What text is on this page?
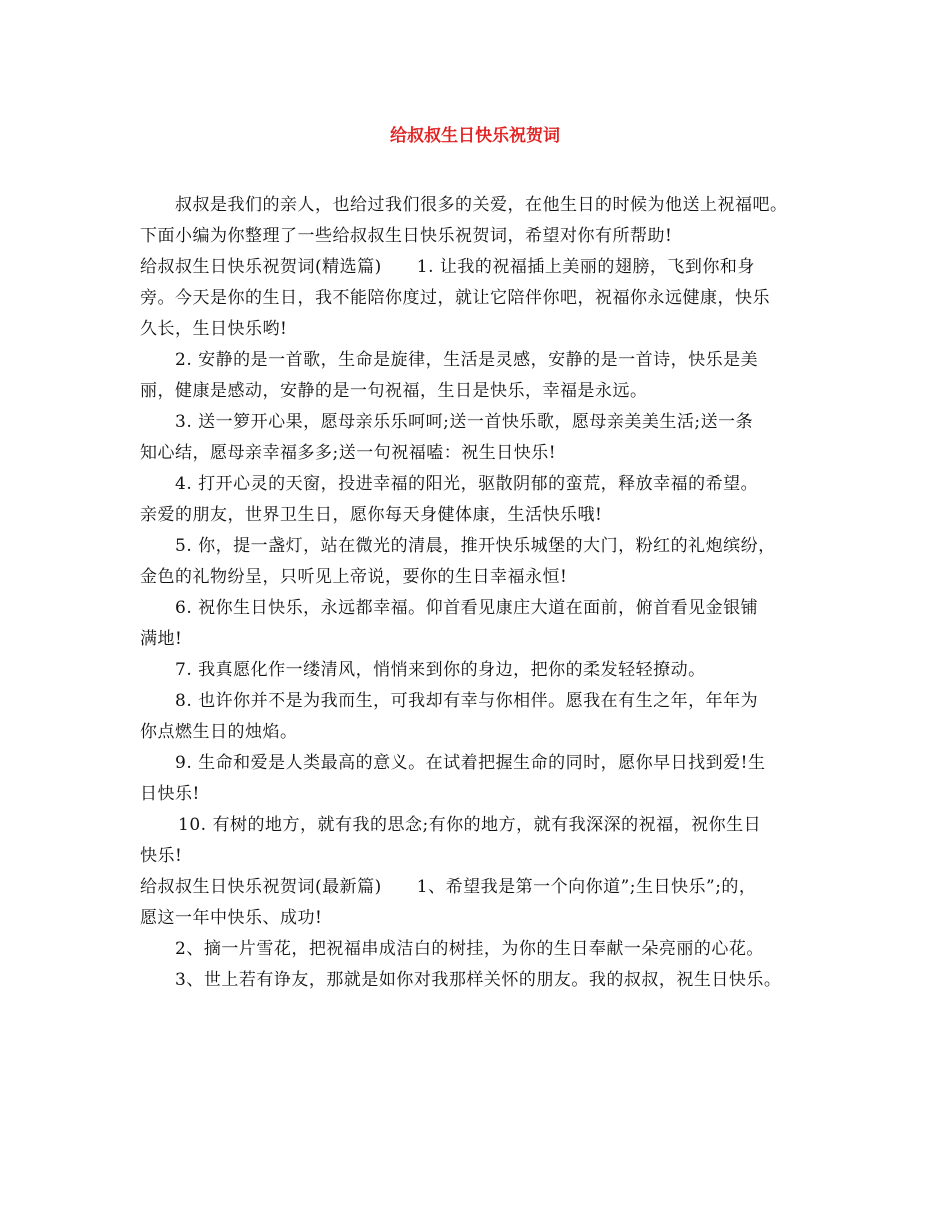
给叔叔生日快乐祝贺词

叔叔是我们的亲人，也给过我们很多的关爱，在他生日的时候为他送上祝福吧。

下面小编为你整理了一些给叔叔生日快乐祝贺词，希望对你有所帮助!

给叔叔生日快乐祝贺词(精选篇)　　1. 让我的祝福插上美丽的翅膀，飞到你和身

旁。今天是你的生日，我不能陪你度过，就让它陪伴你吧，祝福你永远健康，快乐

久长，生日快乐哟!

2. 安静的是一首歌，生命是旋律，生活是灵感，安静的是一首诗，快乐是美

丽，健康是感动，安静的是一句祝福，生日是快乐，幸福是永远。

3. 送一箩开心果，愿母亲乐乐呵呵;送一首快乐歌，愿母亲美美生活;送一条

知心结，愿母亲幸福多多;送一句祝福嗑：祝生日快乐!

4. 打开心灵的天窗，投进幸福的阳光，驱散阴郁的蛮荒，释放幸福的希望。

亲爱的朋友，世界卫生日，愿你每天身健体康，生活快乐哦!

5. 你，提一盏灯，站在微光的清晨，推开快乐城堡的大门，粉红的礼炮缤纷，

金色的礼物纷呈，只听见上帝说，要你的生日幸福永恒!

6. 祝你生日快乐，永远都幸福。仰首看见康庄大道在面前，俯首看见金银铺

满地!

7. 我真愿化作一缕清风，悄悄来到你的身边，把你的柔发轻轻撩动。

8. 也许你并不是为我而生，可我却有幸与你相伴。愿我在有生之年，年年为

你点燃生日的烛焰。

9. 生命和爱是人类最高的意义。在试着把握生命的同时，愿你早日找到爱!生

日快乐!

10. 有树的地方，就有我的思念;有你的地方，就有我深深的祝福，祝你生日

快乐!

给叔叔生日快乐祝贺词(最新篇)　　1、希望我是第一个向你道”;生日快乐”;的，

愿这一年中快乐、成功!

2、摘一片雪花，把祝福串成洁白的树挂，为你的生日奉献一朵亮丽的心花。

3、世上若有诤友，那就是如你对我那样关怀的朋友。我的叔叔，祝生日快乐。
